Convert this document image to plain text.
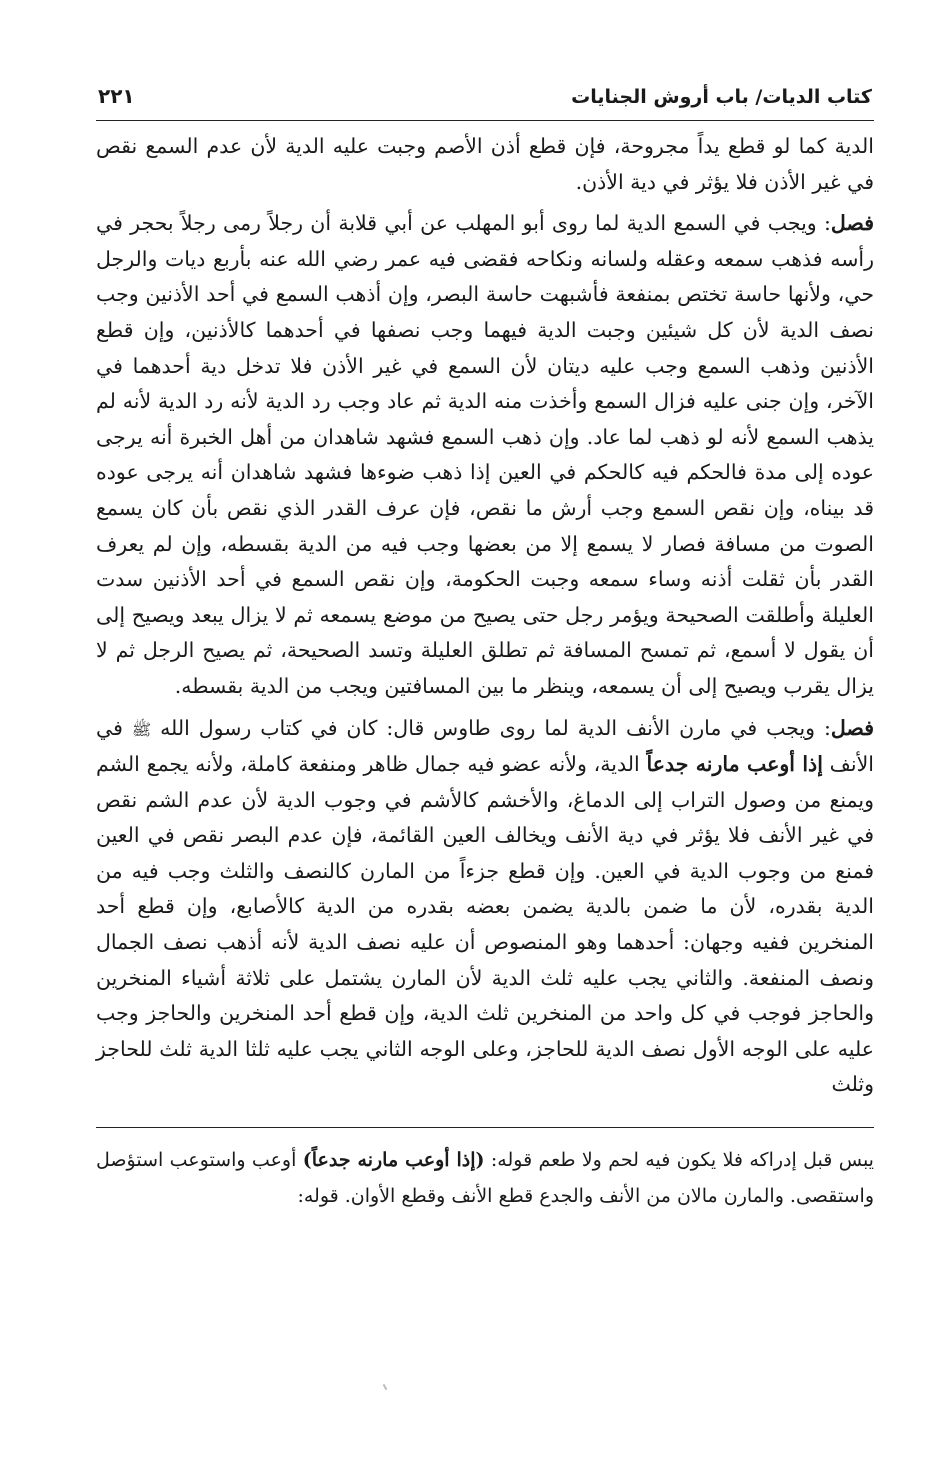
كتاب الديات/ باب أروش الجنايات
٢٢١

الدية كما لو قطع يداً مجروحة، فإن قطع أذن الأصم وجبت عليه الدية لأن عدم السمع نقص في غير الأذن فلا يؤثر في دية الأذن.

فصل: ويجب في السمع الدية لما روى أبو المهلب عن أبي قلابة أن رجلاً رمى رجلاً بحجر في رأسه فذهب سمعه وعقله ولسانه ونكاحه فقضى فيه عمر رضي الله عنه بأربع ديات والرجل حي، ولأنها حاسة تختص بمنفعة فأشبهت حاسة البصر، وإن أذهب السمع في أحد الأذنين وجب نصف الدية لأن كل شيئين وجبت الدية فيهما وجب نصفها في أحدهما كالأذنين، وإن قطع الأذنين وذهب السمع وجب عليه ديتان لأن السمع في غير الأذن فلا تدخل دية أحدهما في الآخر، وإن جنى عليه فزال السمع وأخذت منه الدية ثم عاد وجب رد الدية لأنه رد الدية لأنه لم يذهب السمع لأنه لو ذهب لما عاد. وإن ذهب السمع فشهد شاهدان من أهل الخبرة أنه يرجى عوده إلى مدة فالحكم فيه كالحكم في العين إذا ذهب ضوءها فشهد شاهدان أنه يرجى عوده قد بيناه، وإن نقص السمع وجب أرش ما نقص، فإن عرف القدر الذي نقص بأن كان يسمع الصوت من مسافة فصار لا يسمع إلا من بعضها وجب فيه من الدية بقسطه، وإن لم يعرف القدر بأن ثقلت أذنه وساء سمعه وجبت الحكومة، وإن نقص السمع في أحد الأذنين سدت العليلة وأطلقت الصحيحة ويؤمر رجل حتى يصيح من موضع يسمعه ثم لا يزال يبعد ويصيح إلى أن يقول لا أسمع، ثم تمسح المسافة ثم تطلق العليلة وتسد الصحيحة، ثم يصيح الرجل ثم لا يزال يقرب ويصيح إلى أن يسمعه، وينظر ما بين المسافتين ويجب من الدية بقسطه.

فصل: ويجب في مارن الأنف الدية لما روى طاوس قال: كان في كتاب رسول الله ﷺ في الأنف إذا أوعب مارنه جدعاً الدية، ولأنه عضو فيه جمال ظاهر ومنفعة كاملة، ولأنه يجمع الشم ويمنع من وصول التراب إلى الدماغ، والأخشم كالأشم في وجوب الدية لأن عدم الشم نقص في غير الأنف فلا يؤثر في دية الأنف ويخالف العين القائمة، فإن عدم البصر نقص في العين فمنع من وجوب الدية في العين. وإن قطع جزءاً من المارن كالنصف والثلث وجب فيه من الدية بقدره، لأن ما ضمن بالدية يضمن بعضه بقدره من الدية كالأصابع، وإن قطع أحد المنخرين ففيه وجهان: أحدهما وهو المنصوص أن عليه نصف الدية لأنه أذهب نصف الجمال ونصف المنفعة. والثاني يجب عليه ثلث الدية لأن المارن يشتمل على ثلاثة أشياء المنخرين والحاجز فوجب في كل واحد من المنخرين ثلث الدية، وإن قطع أحد المنخرين والحاجز وجب عليه على الوجه الأول نصف الدية للحاجز، وعلى الوجه الثاني يجب عليه ثلثا الدية ثلث للحاجز وثلث

يبس قبل إدراكه فلا يكون فيه لحم ولا طعم قوله: (إذا أوعب مارنه جدعاً) أوعب واستوعب استؤصل واستقصى. والمارن مالان من الأنف والجدع قطع الأنف وقطع الأوان. قوله:
